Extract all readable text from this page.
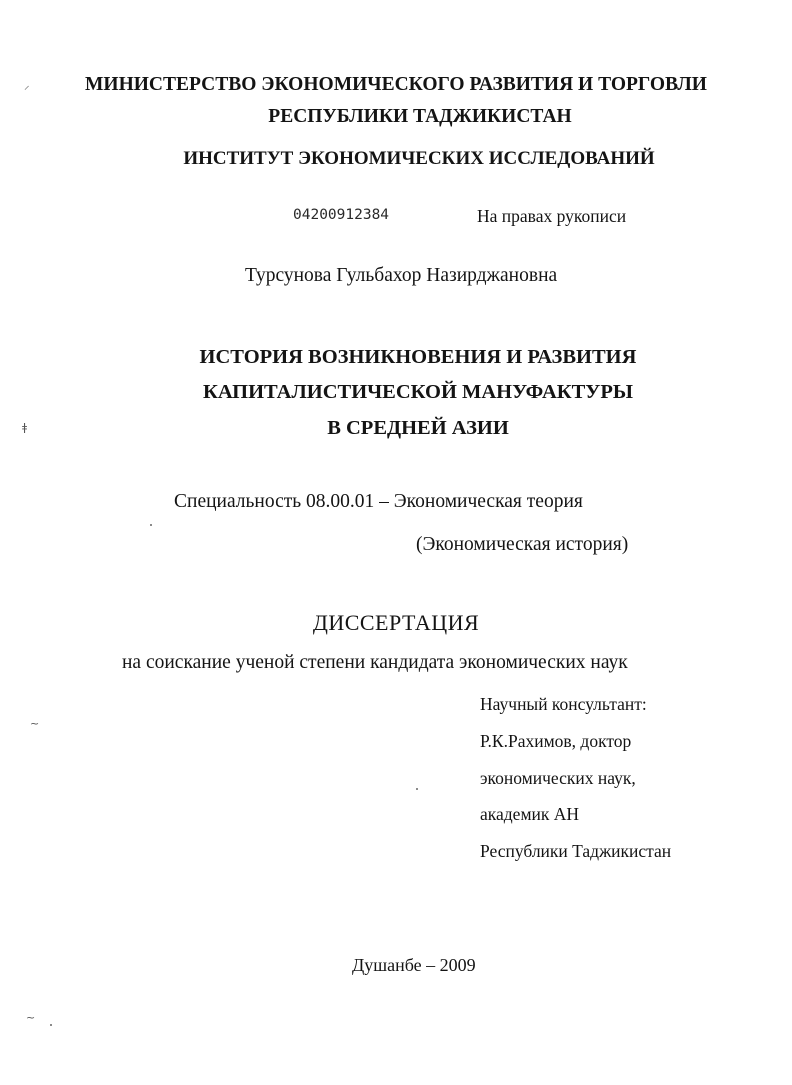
⸝
ǂ
~
~
МИНИСТЕРСТВО ЭКОНОМИЧЕСКОГО РАЗВИТИЯ И ТОРГОВЛИ
РЕСПУБЛИКИ ТАДЖИКИСТАН
ИНСТИТУТ ЭКОНОМИЧЕСКИХ ИССЛЕДОВАНИЙ
04200912384	На правах рукописи
Турсунова Гульбахор Назирджановна
ИСТОРИЯ ВОЗНИКНОВЕНИЯ И РАЗВИТИЯ
КАПИТАЛИСТИЧЕСКОЙ МАНУФАКТУРЫ
В СРЕДНЕЙ АЗИИ
Специальность 08.00.01 – Экономическая теория
(Экономическая история)
ДИССЕРТАЦИЯ
на соискание ученой степени кандидата экономических наук
Научный консультант:
Р.К.Рахимов, доктор
экономических наук,
академик АН
Республики Таджикистан
Душанбе – 2009
